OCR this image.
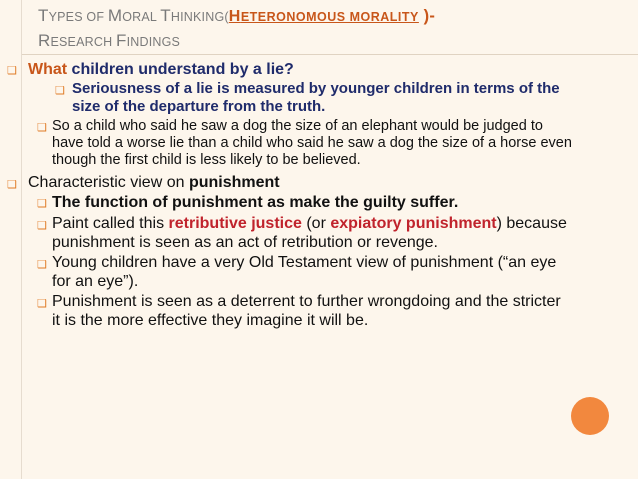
TYPES OF MORAL THINKING(HETERONOMOUS MORALITY )-
RESEARCH FINDINGS
❑ What children understand by a lie?
❑ Seriousness of a lie is measured by younger children in terms of the
size of the departure from the truth.
❑ So a child who said he saw a dog the size of an elephant would be judged to
have told a worse lie than a child who said he saw a dog the size of a horse even
though the first child is less likely to be believed.
❑ Characteristic view on punishment
❑ The function of punishment as make the guilty suffer.
❑ Paint called this retributive justice (or expiatory punishment) because
punishment is seen as an act of retribution or revenge.
❑ Young children have a very Old Testament view of punishment (“an eye
for an eye”).
❑ Punishment is seen as a deterrent to further wrongdoing and the stricter
it is the more effective they imagine it will be.
